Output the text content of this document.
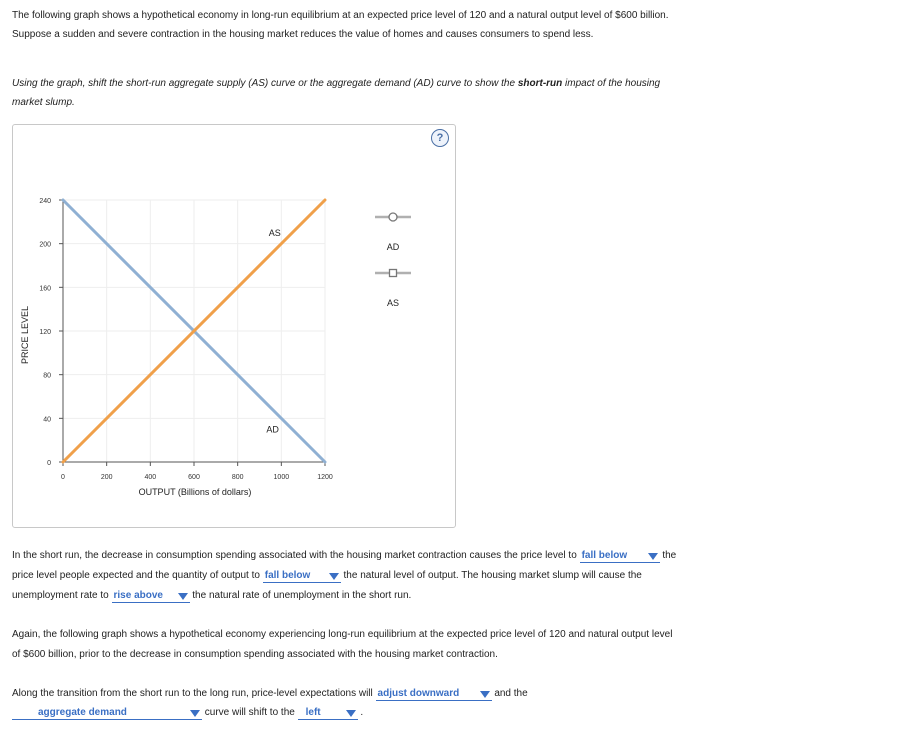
The following graph shows a hypothetical economy in long-run equilibrium at an expected price level of 120 and a natural output level of $600 billion.
Suppose a sudden and severe contraction in the housing market reduces the value of homes and causes consumers to spend less.
Using the graph, shift the short-run aggregate supply (AS) curve or the aggregate demand (AD) curve to show the short-run impact of the housing
market slump.
?
0
40
80
120
160
200
240
0	200	400	600	800	1000	1200
AS
AD
OUTPUT (Billions of dollars)
PRICE LEVEL
AD
AS
In the short run, the decrease in consumption spending associated with the housing market contraction causes the price level to fall below	the
price level people expected and the quantity of output to fall below	the natural level of output. The housing market slump will cause the
unemployment rate to rise above	the natural rate of unemployment in the short run.
Again, the following graph shows a hypothetical economy experiencing long-run equilibrium at the expected price level of 120 and natural output level
of $600 billion, prior to the decrease in consumption spending associated with the housing market contraction.
Along the transition from the short run to the long run, price-level expectations will adjust downward	and the
aggregate demand	curve will shift to the left	.
